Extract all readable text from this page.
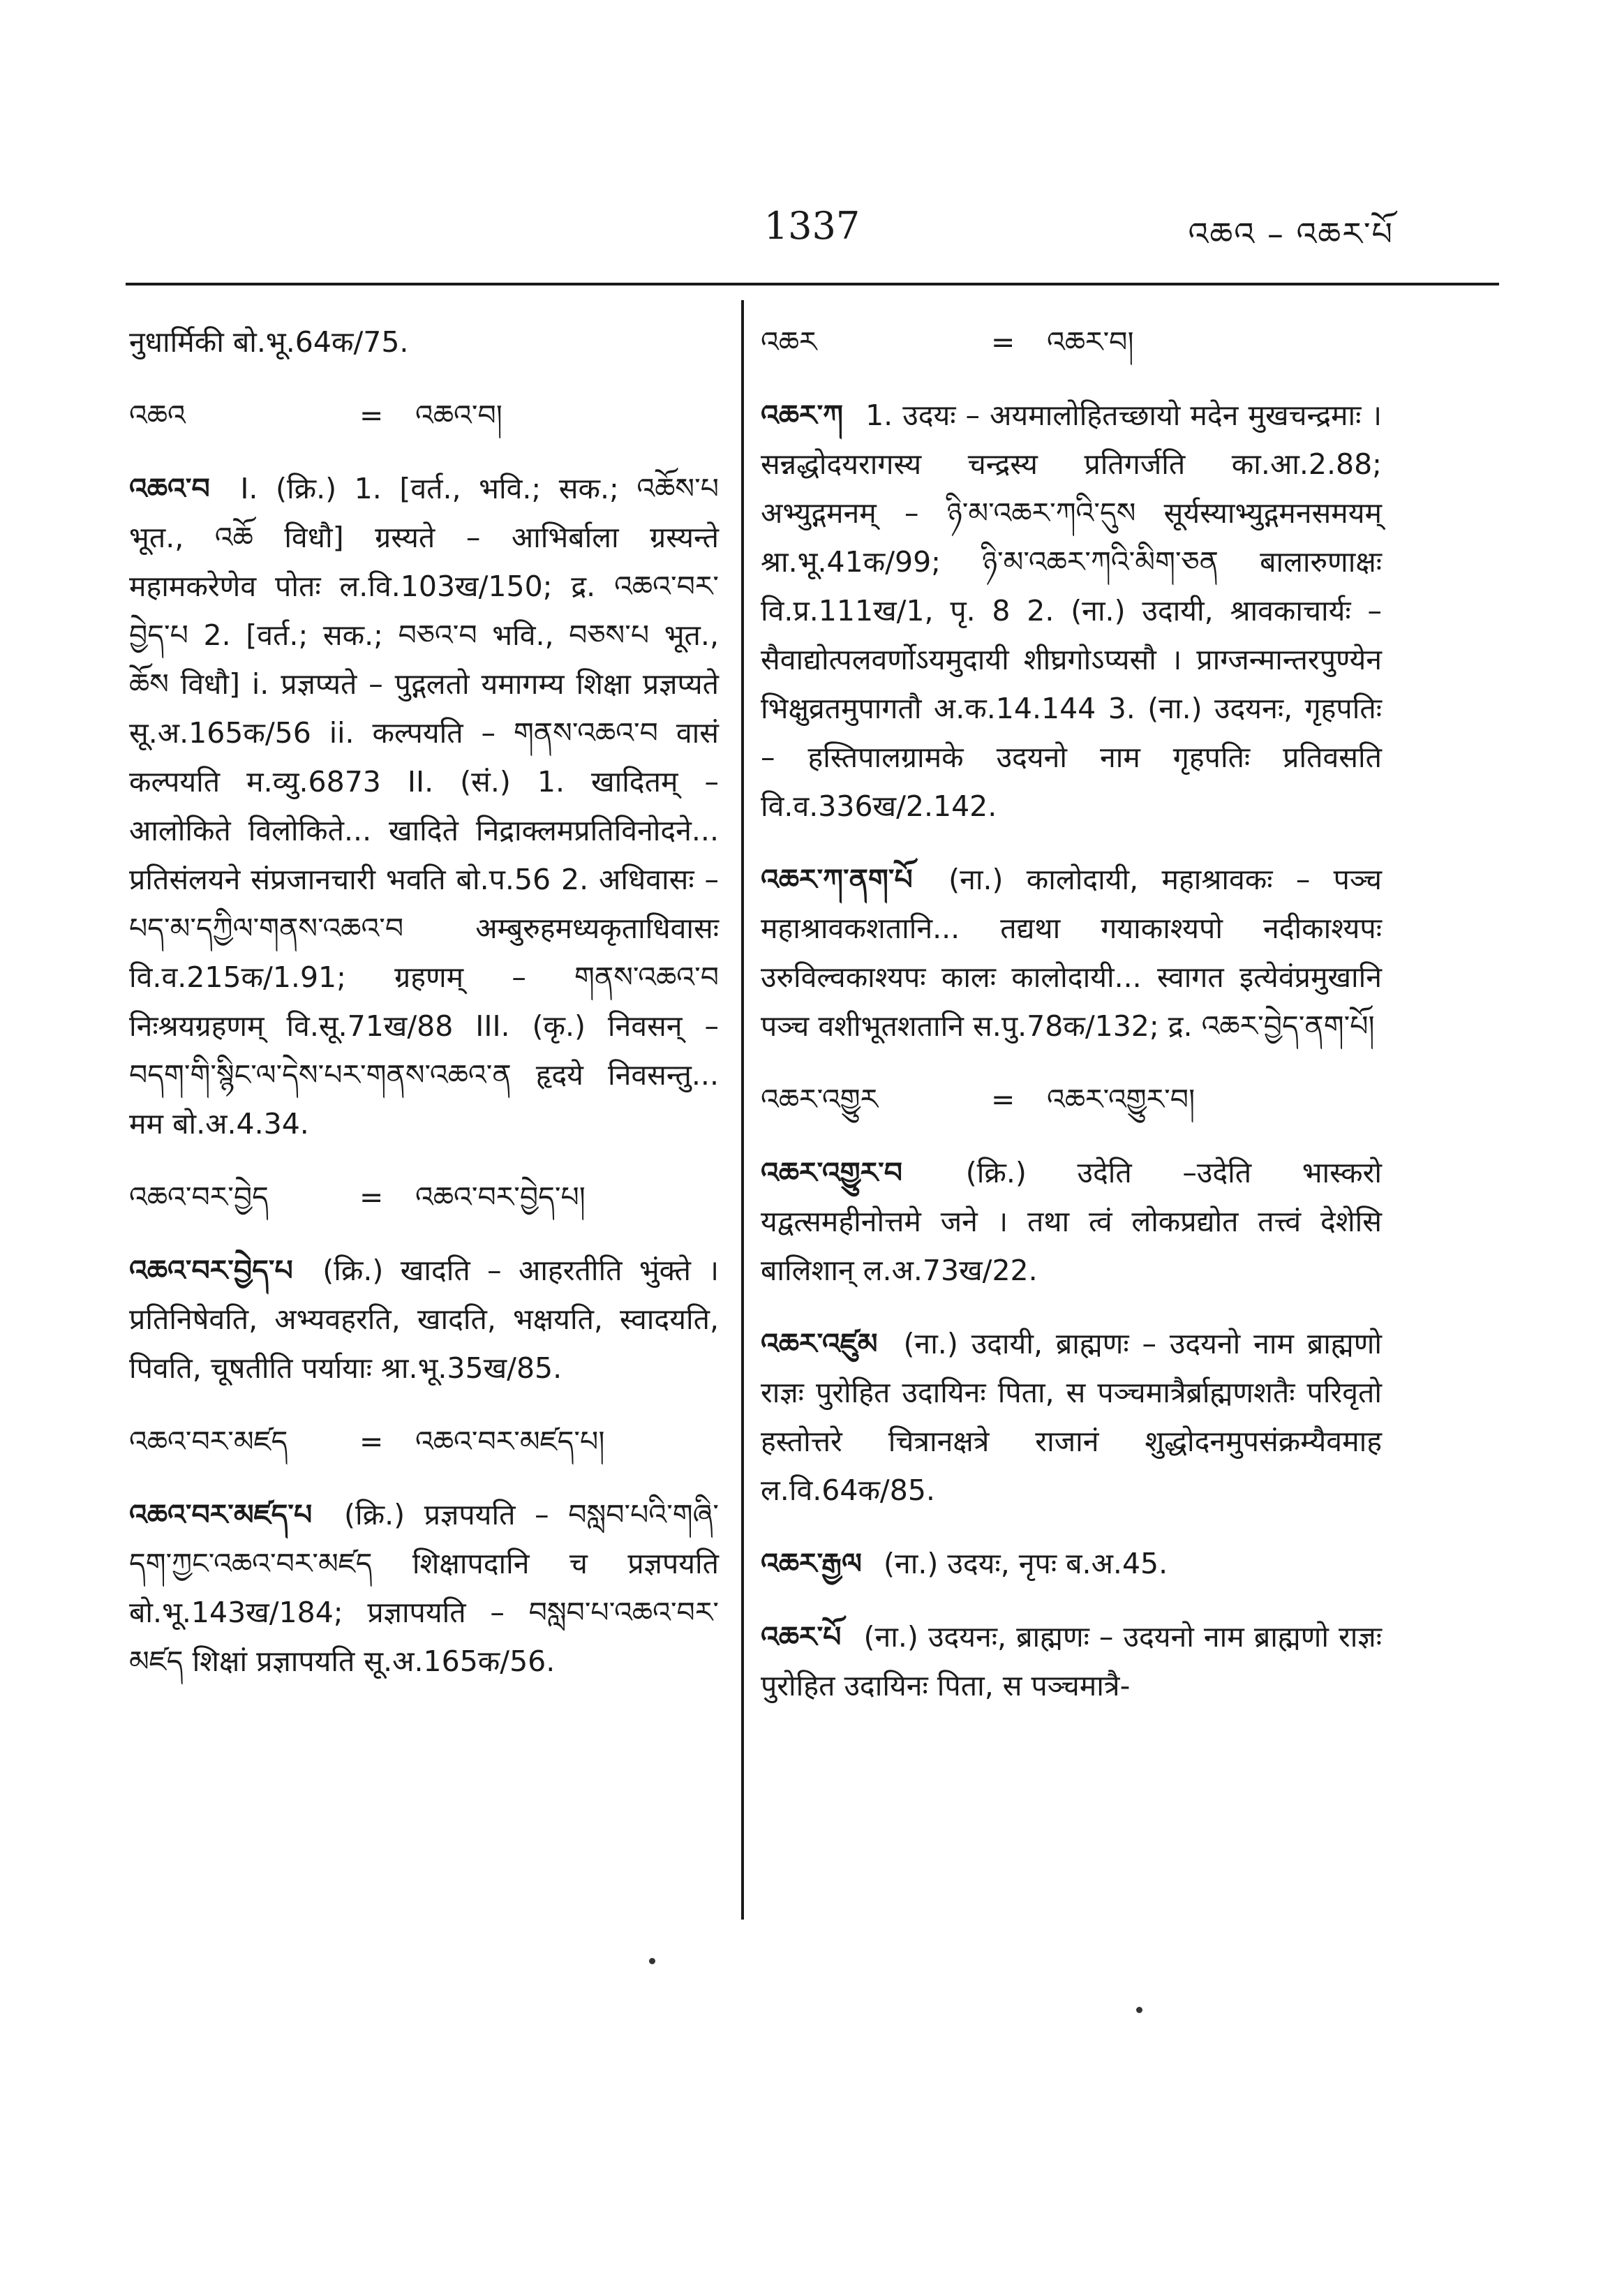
1337	འཆའ – འཆར་པོ
नुधार्मिकी बो.भू.64क/75.
འཆའ	=	འཆའ་བ།
འཆའ་བ I. (क्रि.) 1. [वर्त., भवि.; सक.; འཆོས་པ भूत., འཆོ विधौ] ग्रस्यते – आभिर्बाला ग्रस्यन्ते महामकरेणेव पोतः ल.वि.103ख/150; द्र. འཆའ་བར་བྱེད་པ 2. [वर्त.; सक.; བཅའ་བ भवि., བཅས་པ भूत., ཆོས विधौ] i. प्रज्ञप्यते – पुद्गलतो यमागम्य शिक्षा प्रज्ञप्यते सू.अ.165क/56 ii. कल्पयति – གནས་འཆའ་བ वासं कल्पयति म.व्यु.6873 II. (सं.) 1. खादितम् – आलोकिते विलोकिते... खादिते निद्राक्लमप्रतिविनोदने... प्रतिसंलयने संप्रजानचारी भवति बो.प.56 2. अधिवासः – པད་མ་དཀྱིལ་གནས་འཆའ་བ अम्बुरुहमध्यकृताधिवासः वि.व.215क/1.91; ग्रहणम् – གནས་འཆའ་བ निःश्रयग्रहणम् वि.सू.71ख/88 III. (कृ.) निवसन् – བདག་གི་སྙིང་ལ་དེས་པར་གནས་འཆའ་ན हृदये निवसन्तु... मम बो.अ.4.34.
འཆའ་བར་བྱེད	=	འཆའ་བར་བྱེད་པ།
འཆའ་བར་བྱེད་པ (क्रि.) खादति – आहरतीति भुंक्ते । प्रतिनिषेवति, अभ्यवहरति, खादति, भक्षयति, स्वादयति, पिवति, चूषतीति पर्यायाः श्रा.भू.35ख/85.
འཆའ་བར་མཛད	=	འཆའ་བར་མཛད་པ།
འཆའ་བར་མཛད་པ (क्रि.) प्रज्ञपयति – བསླབ་པའི་གཞི་དག་ཀྱང་འཆའ་བར་མཛད शिक्षापदानि च प्रज्ञपयति बो.भू.143ख/184; प्रज्ञापयति – བསླབ་པ་འཆའ་བར་མཛད शिक्षां प्रज्ञापयति सू.अ.165क/56.
འཆར	=	འཆར་བ།
འཆར་ཀ 1. उदयः – अयमालोहितच्छायो मदेन मुखचन्द्रमाः । सन्नद्धोदयरागस्य चन्द्रस्य प्रतिगर्जति का.आ.2.88; अभ्युद्गमनम् – ཉི་མ་འཆར་ཀའི་དུས सूर्यस्याभ्युद्गमनसमयम् श्रा.भू.41क/99; ཉི་མ་འཆར་ཀའི་མིག་ཅན बालारुणाक्षः वि.प्र.111ख/1, पृ. 8 2. (ना.) उदायी, श्रावकाचार्यः – सैवाद्योत्पलवर्णोऽयमुदायी शीघ्रगोऽप्यसौ । प्राग्जन्मान्तरपुण्येन भिक्षुव्रतमुपागतौ अ.क.14.144 3. (ना.) उदयनः, गृहपतिः – हस्तिपालग्रामके उदयनो नाम गृहपतिः प्रतिवसति वि.व.336ख/2.142.
འཆར་ཀ་ནག་པོ (ना.) कालोदायी, महाश्रावकः – पञ्च महाश्रावकशतानि... तद्यथा गयाकाश्यपो नदीकाश्यपः उरुविल्वकाश्यपः कालः कालोदायी... स्वागत इत्येवंप्रमुखानि पञ्च वशीभूतशतानि स.पु.78क/132; द्र. འཆར་བྱེད་ནག་པོ།
འཆར་འགྱུར	=	འཆར་འགྱུར་བ།
འཆར་འགྱུར་བ (क्रि.) उदेति –उदेति भास्करो यद्वत्समहीनोत्तमे जने । तथा त्वं लोकप्रद्योत तत्त्वं देशेसि बालिशान् ल.अ.73ख/22.
འཆར་འཛུམ (ना.) उदायी, ब्राह्मणः – उदयनो नाम ब्राह्मणो राज्ञः पुरोहित उदायिनः पिता, स पञ्चमात्रैर्ब्राह्मणशतैः परिवृतो हस्तोत्तरे चित्रानक्षत्रे राजानं शुद्धोदनमुपसंक्रम्यैवमाह ल.वि.64क/85.
འཆར་རྒྱལ (ना.) उदयः, नृपः ब.अ.45.
འཆར་པོ (ना.) उदयनः, ब्राह्मणः – उदयनो नाम ब्राह्मणो राज्ञः पुरोहित उदायिनः पिता, स पञ्चमात्रै-
